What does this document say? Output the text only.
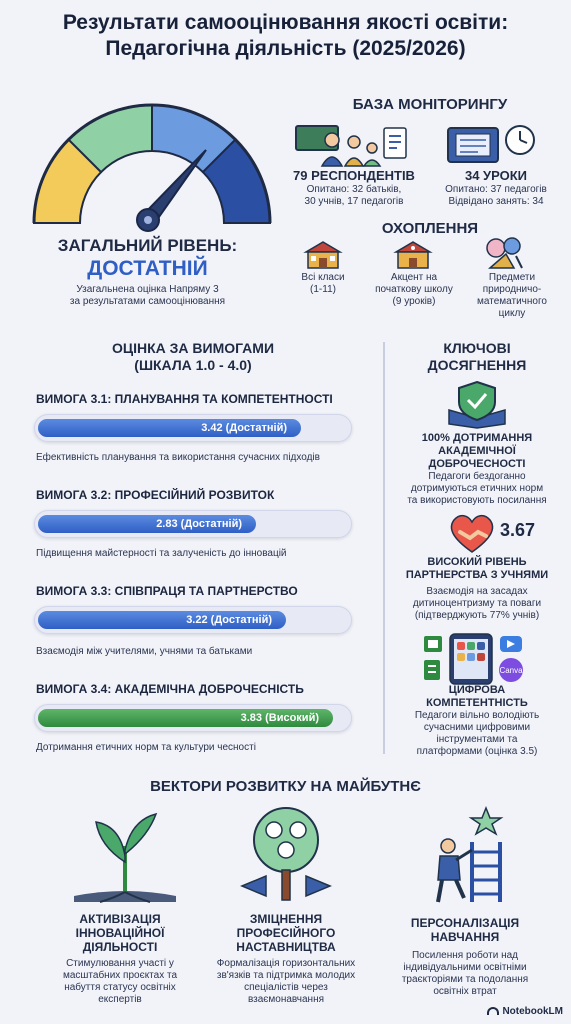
Результати самооцінювання якості освіти:
Педагогічна діяльність (2025/2026)
ЗАГАЛЬНИЙ РІВЕНЬ:
ДОСТАТНІЙ
Узагальнена оцінка Напряму 3
за результатами самооцінювання
БАЗА МОНІТОРИНГУ
79 РЕСПОНДЕНТІВ
Опитано: 32 батьків,
30 учнів, 17 педагогів
34 УРОКИ
Опитано: 37 педагогів
Відвідано занять: 34
ОХОПЛЕННЯ
Всі класи
(1-11)
Акцент на
початковy школу
(9 уроків)
Предмети
природничо-
математичного
циклу
ОЦІНКА ЗА ВИМОГАМИ
(ШКАЛА 1.0 - 4.0)
ВИМОГА 3.1: ПЛАНУВАННЯ ТА КОМПЕТЕНТНОСТІ
3.42 (Достатній)
Ефективність планування та використання сучасних підходів
ВИМОГА 3.2: ПРОФЕСІЙНИЙ РОЗВИТОК
2.83 (Достатній)
Підвищення майстерності та залученість до інновацій
ВИМОГА 3.3: СПІВПРАЦЯ ТА ПАРТНЕРСТВО
3.22 (Достатній)
Взаємодія між учителями, учнями та батьками
ВИМОГА 3.4: АКАДЕМІЧНА ДОБРОЧЕСНІСТЬ
3.83 (Високий)
Дотримання етичних норм та культури чесності
КЛЮЧОВІ
ДОСЯГНЕННЯ
100% ДОТРИМАННЯ
АКАДЕМІЧНОЇ
ДОБРОЧЕСНОСТІ
Педагоги бездоганно
дотримуються етичних норм
та використовують посилання
3.67
ВИСОКИЙ РІВЕНЬ
ПАРТНЕРСТВА З УЧНЯМИ
Взаємодія на засадах
дитиноцентризму та поваги
(підтверджують 77% учнів)
Canva
ЦИФРОВА
КОМПЕТЕНТНІСТЬ
Педагоги вільно володіють
сучасними цифровими
інструментами та
платформами (оцінка 3.5)
ВЕКТОРИ РОЗВИТКУ НА МАЙБУТНЄ
АКТИВІЗАЦІЯ
ІННОВАЦІЙНОЇ
ДІЯЛЬНОСТІ
Стимулювання участі у
масштабних проєктах та
набуття статусу освітніх
експертів
ЗМІЦНЕННЯ
ПРОФЕСІЙНОГО
НАСТАВНИЦТВА
Формалізація горизонтальних
зв'язків та підтримка молодих
спеціалістів через
взаємонавчання
ПЕРСОНАЛІЗАЦІЯ
НАВЧАННЯ
Посилення роботи над
індивідуальними освітніми
траєкторіями та подолання
освітніх втрат
NotebookLM
